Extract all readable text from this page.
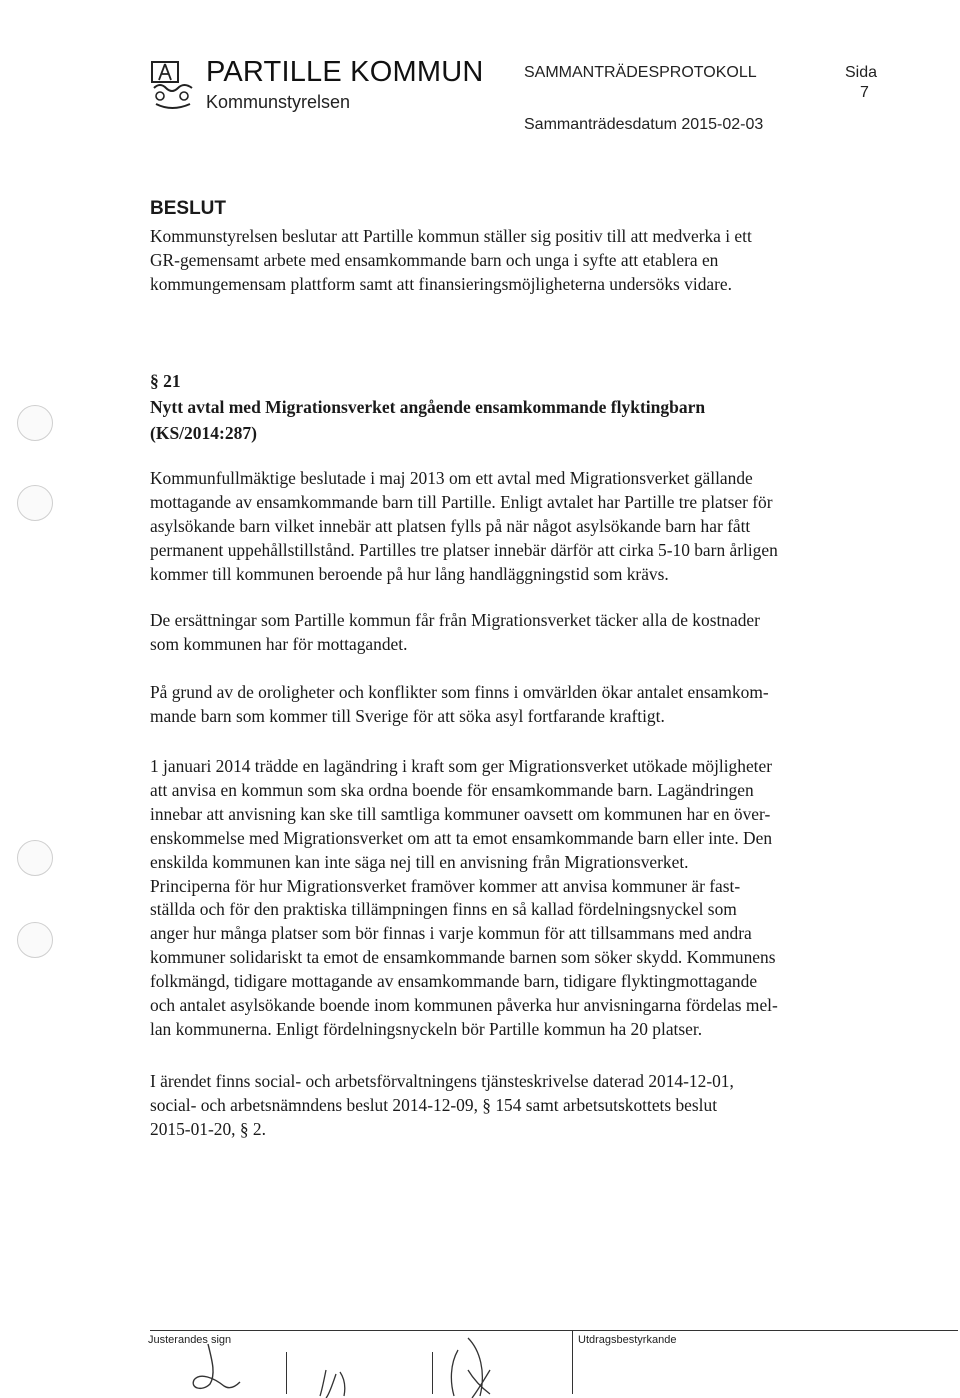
PARTILLE KOMMUN
Kommunstyrelsen
SAMMANTRÄDESPROTOKOLL	Sida
7
Sammanträdesdatum 2015-02-03
BESLUT
Kommunstyrelsen beslutar att Partille kommun ställer sig positiv till att medverka i ett
GR-gemensamt arbete med ensamkommande barn och unga i syfte att etablera en
kommungemensam plattform samt att finansieringsmöjligheterna undersöks vidare.
§ 21
Nytt avtal med Migrationsverket angående ensamkommande flyktingbarn
(KS/2014:287)
Kommunfullmäktige beslutade i maj 2013 om ett avtal med Migrationsverket gällande
mottagande av ensamkommande barn till Partille. Enligt avtalet har Partille tre platser för
asylsökande barn vilket innebär att platsen fylls på när något asylsökande barn har fått
permanent uppehållstillstånd. Partilles tre platser innebär därför att cirka 5-10 barn årligen
kommer till kommunen beroende på hur lång handläggningstid som krävs.
De ersättningar som Partille kommun får från Migrationsverket täcker alla de kostnader
som kommunen har för mottagandet.
På grund av de oroligheter och konflikter som finns i omvärlden ökar antalet ensamkom-
mande barn som kommer till Sverige för att söka asyl fortfarande kraftigt.
1 januari 2014 trädde en lagändring i kraft som ger Migrationsverket utökade möjligheter
att anvisa en kommun som ska ordna boende för ensamkommande barn. Lagändringen
innebar att anvisning kan ske till samtliga kommuner oavsett om kommunen har en över-
enskommelse med Migrationsverket om att ta emot ensamkommande barn eller inte. Den
enskilda kommunen kan inte säga nej till en anvisning från Migrationsverket.
Principerna för hur Migrationsverket framöver kommer att anvisa kommuner är fast-
ställda och för den praktiska tillämpningen finns en så kallad fördelningsnyckel som
anger hur många platser som bör finnas i varje kommun för att tillsammans med andra
kommuner solidariskt ta emot de ensamkommande barnen som söker skydd. Kommunens
folkmängd, tidigare mottagande av ensamkommande barn, tidigare flyktingmottagande
och antalet asylsökande boende inom kommunen påverka hur anvisningarna fördelas mel-
lan kommunerna. Enligt fördelningsnyckeln bör Partille kommun ha 20 platser.
I ärendet finns social- och arbetsförvaltningens tjänsteskrivelse daterad 2014-12-01,
social- och arbetsnämndens beslut 2014-12-09, § 154 samt arbetsutskottets beslut
2015-01-20, § 2.
Justerandes sign	Utdragsbestyrkande
